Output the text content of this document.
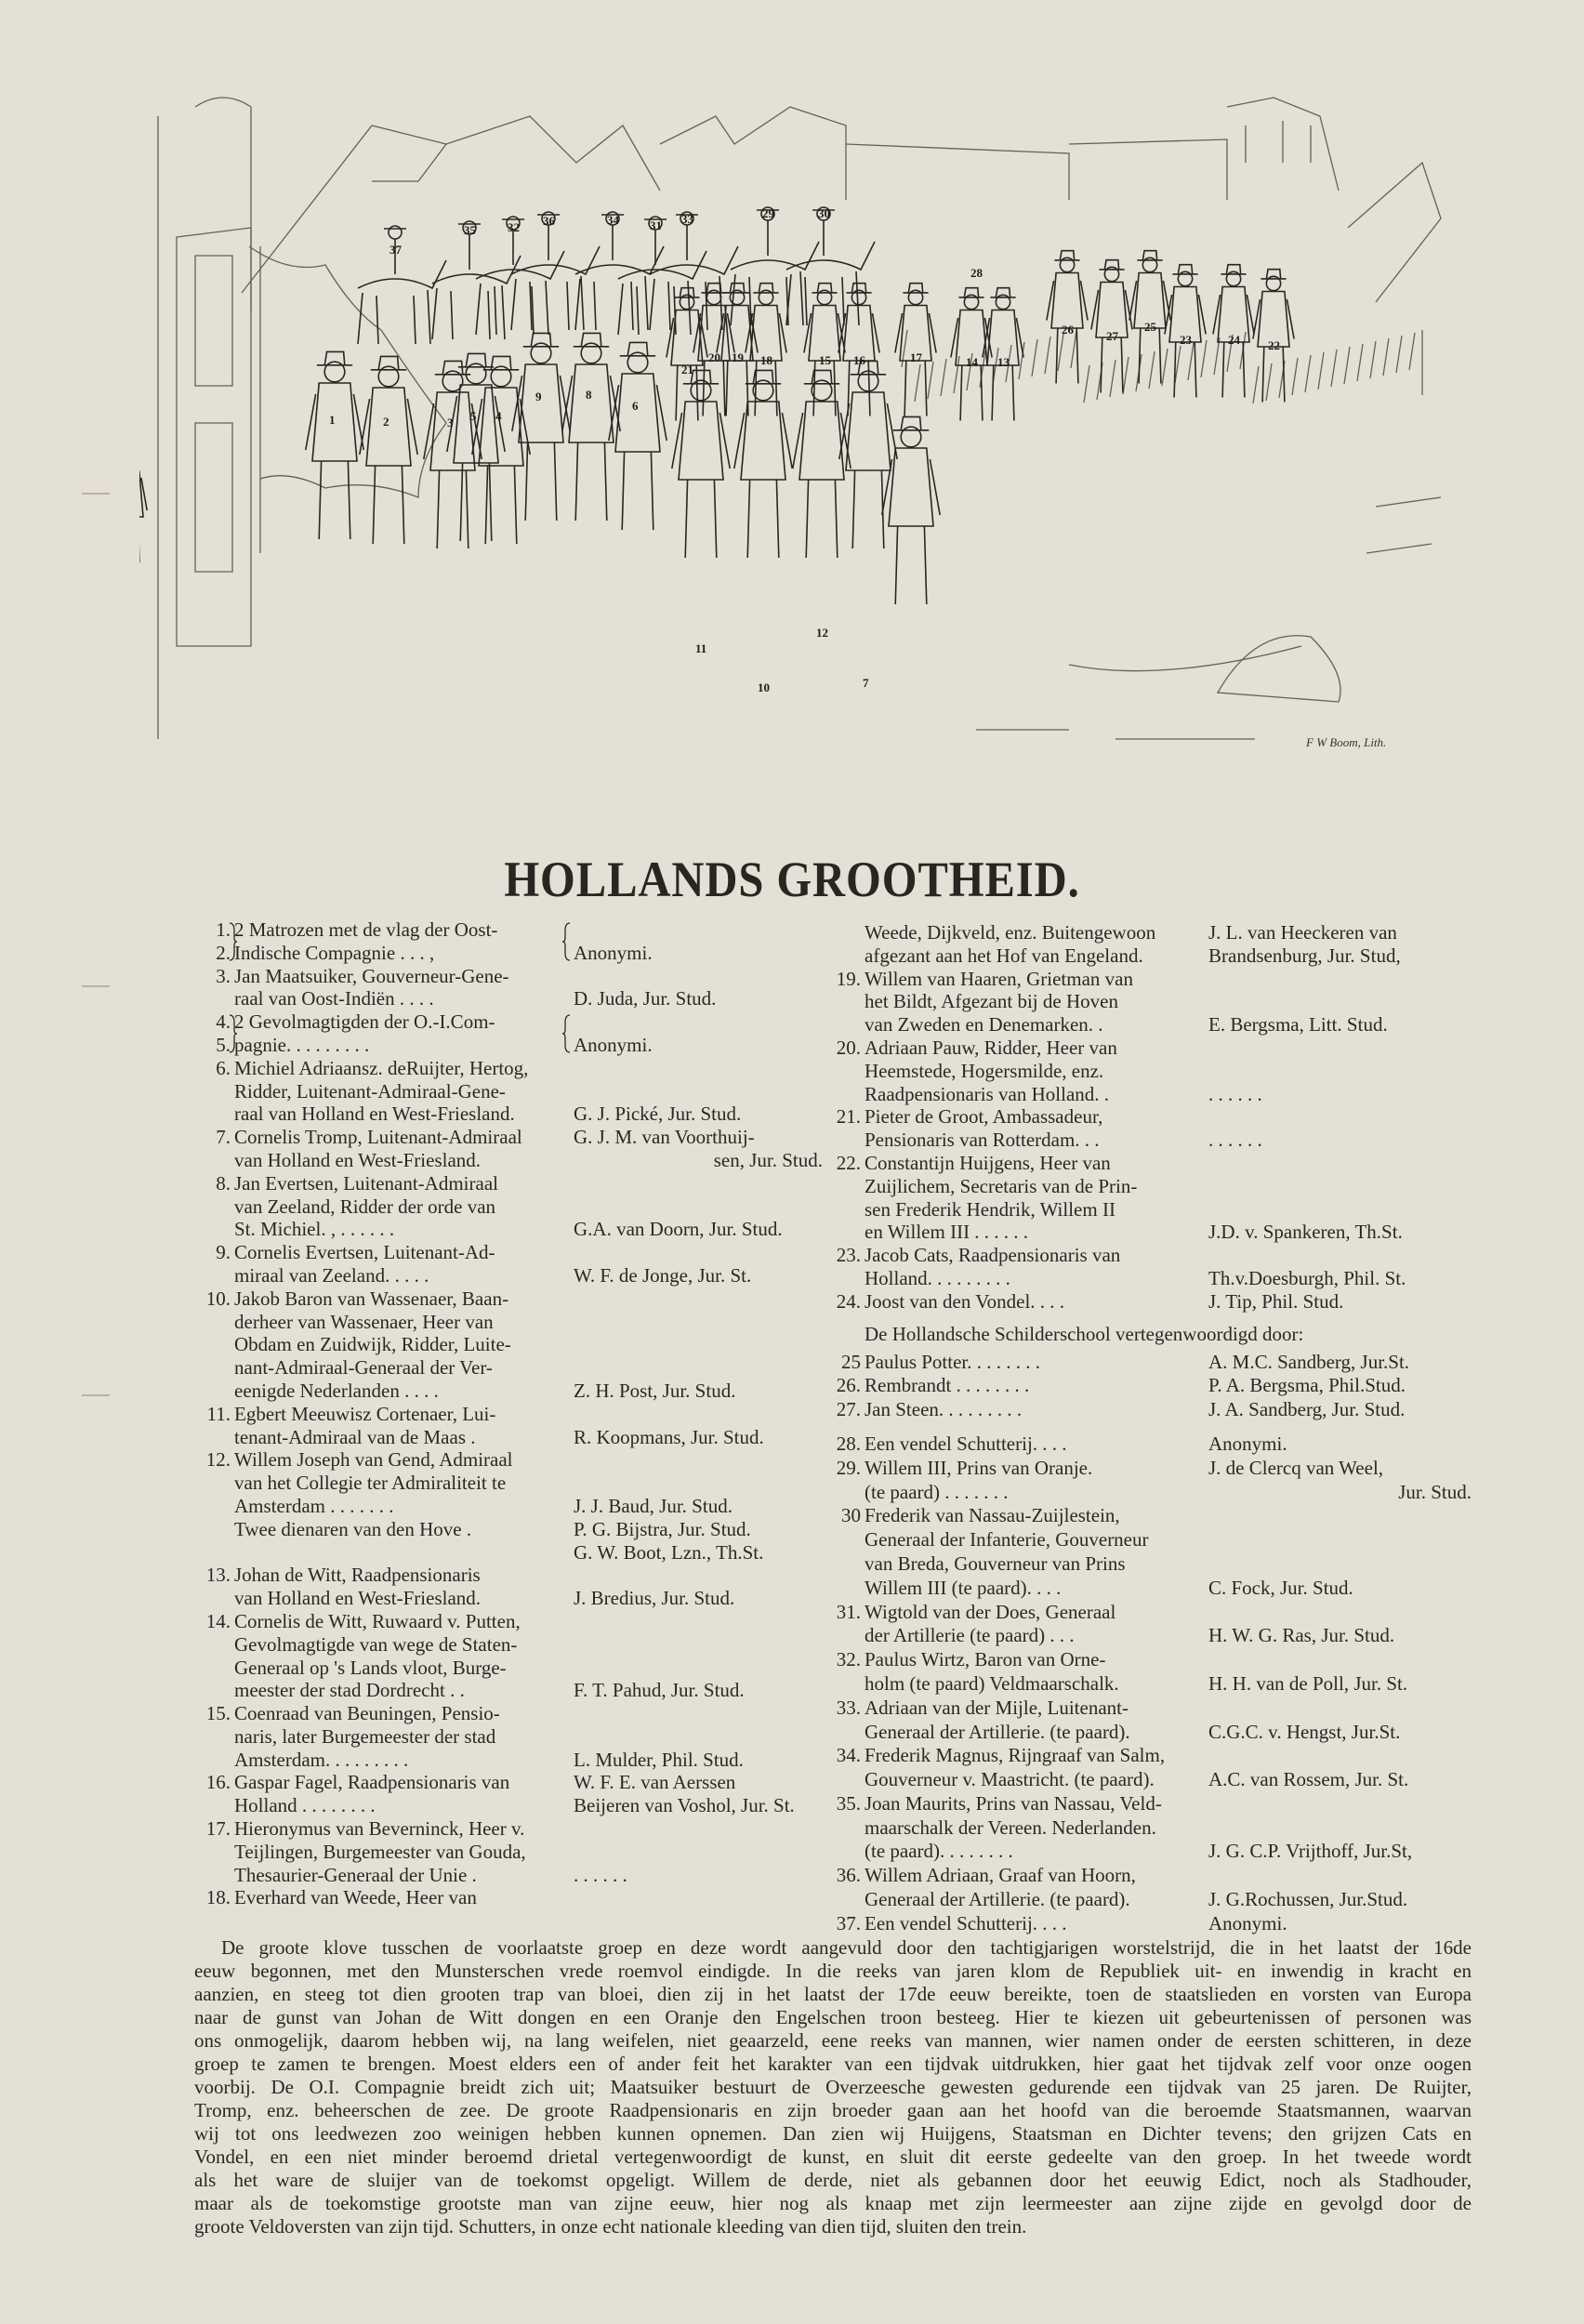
1	2	3	4
5
6
7
8
9
10
11
12
13
14
15 16	17
18
19
20
21
22
23	24
25
26	27
28
29	30
31
32
33
34
35
36
37
F W Boom, Lith.
HOLLANDS GROOTHEID.
1. 2 Matrozen met de vlag der Oost-
2. Indische Compagnie . . . ,	Anonymi.
3. Jan Maatsuiker, Gouverneur-Gene-
raal van Oost-Indiën . . . .	D. Juda, Jur. Stud.
4. 2 Gevolmagtigden der O.-I.Com-
5. pagnie. . . . . . . . .	Anonymi.
6. Michiel Adriaansz. deRuijter, Hertog,
Ridder, Luitenant-Admiraal-Gene-
raal van Holland en West-Friesland.	G. J. Pické, Jur. Stud.
7. Cornelis Tromp, Luitenant-Admiraal	G. J. M. van Voorthuij-
van Holland en West-Friesland.	sen, Jur. Stud.
8. Jan Evertsen, Luitenant-Admiraal
van Zeeland, Ridder der orde van
St. Michiel. , . . . . . .	G.A. van Doorn, Jur. Stud.
9. Cornelis Evertsen, Luitenant-Ad-
miraal van Zeeland. . . . .	W. F. de Jonge, Jur. St.
10. Jakob Baron van Wassenaer, Baan-
derheer van Wassenaer, Heer van
Obdam en Zuidwijk, Ridder, Luite-
nant-Admiraal-Generaal der Ver-
eenigde Nederlanden . . . .	Z. H. Post, Jur. Stud.
11. Egbert Meeuwisz Cortenaer, Lui-
tenant-Admiraal van de Maas .	R. Koopmans, Jur. Stud.
12. Willem Joseph van Gend, Admiraal
van het Collegie ter Admiraliteit te
Amsterdam . . . . . . .	J. J. Baud, Jur. Stud.
Twee dienaren van den Hove .	P. G. Bijstra, Jur. Stud.
G. W. Boot, Lzn., Th.St.
13. Johan de Witt, Raadpensionaris
van Holland en West-Friesland.	J. Bredius, Jur. Stud.
14. Cornelis de Witt, Ruwaard v. Putten,
Gevolmagtigde van wege de Staten-
Generaal op 's Lands vloot, Burge-
meester der stad Dordrecht . .	F. T. Pahud, Jur. Stud.
15. Coenraad van Beuningen, Pensio-
naris, later Burgemeester der stad
Amsterdam. . . . . . . . .	L. Mulder, Phil. Stud.
16. Gaspar Fagel, Raadpensionaris van	W. F. E. van Aerssen
Holland . . . . . . . .	Beijeren van Voshol, Jur. St.
17. Hieronymus van Beverninck, Heer v.
Teijlingen, Burgemeester van Gouda,
Thesaurier-Generaal der Unie .	. . . . . .
18. Everhard van Weede, Heer van
Weede, Dijkveld, enz. Buitengewoon	J. L. van Heeckeren van
afgezant aan het Hof van Engeland.	Brandsenburg, Jur. Stud,
19. Willem van Haaren, Grietman van
het Bildt, Afgezant bij de Hoven
van Zweden en Denemarken. .	E. Bergsma, Litt. Stud.
20. Adriaan Pauw, Ridder, Heer van
Heemstede, Hogersmilde, enz.
Raadpensionaris van Holland. .	. . . . . .
21. Pieter de Groot, Ambassadeur,
Pensionaris van Rotterdam. . .	. . . . . .
22. Constantijn Huijgens, Heer van
Zuijlichem, Secretaris van de Prin-
sen Frederik Hendrik, Willem II
en Willem III . . . . . .	J.D. v. Spankeren, Th.St.
23. Jacob Cats, Raadpensionaris van
Holland. . . . . . . . .	Th.v.Doesburgh, Phil. St.
24. Joost van den Vondel. . . .	J. Tip, Phil. Stud.
De Hollandsche Schilderschool vertegenwoordigd door:
25 Paulus Potter. . . . . . . .	A. M.C. Sandberg, Jur.St.
26. Rembrandt . . . . . . . .	P. A. Bergsma, Phil.Stud.
27. Jan Steen. . . . . . . . .	J. A. Sandberg, Jur. Stud.
28. Een vendel Schutterij. . . .	Anonymi.
29. Willem III, Prins van Oranje.	J. de Clercq van Weel,
(te paard) . . . . . . .	Jur. Stud.
30 Frederik van Nassau-Zuijlestein,
Generaal der Infanterie, Gouverneur
van Breda, Gouverneur van Prins
Willem III (te paard). . . .	C. Fock, Jur. Stud.
31. Wigtold van der Does, Generaal
der Artillerie (te paard) . . .	H. W. G. Ras, Jur. Stud.
32. Paulus Wirtz, Baron van Orne-
holm (te paard) Veldmaarschalk.	H. H. van de Poll, Jur. St.
33. Adriaan van der Mijle, Luitenant-
Generaal der Artillerie. (te paard).	C.G.C. v. Hengst, Jur.St.
34. Frederik Magnus, Rijngraaf van Salm,
Gouverneur v. Maastricht. (te paard).	A.C. van Rossem, Jur. St.
35. Joan Maurits, Prins van Nassau, Veld-
maarschalk der Vereen. Nederlanden.
(te paard). . . . . . . .	J. G. C.P. Vrijthoff, Jur.St,
36. Willem Adriaan, Graaf van Hoorn,
Generaal der Artillerie. (te paard).	J. G.Rochussen, Jur.Stud.
37. Een vendel Schutterij. . . .	Anonymi.
De groote klove tusschen de voorlaatste groep en deze wordt aangevuld door den tachtigjarigen worstelstrijd, die in het laatst der 16de
eeuw begonnen, met den Munsterschen vrede roemvol eindigde. In die reeks van jaren klom de Republiek uit- en inwendig in kracht en
aanzien, en steeg tot dien grooten trap van bloei, dien zij in het laatst der 17de eeuw bereikte, toen de staatslieden en vorsten van Europa
naar de gunst van Johan de Witt dongen en een Oranje den Engelschen troon besteeg. Hier te kiezen uit gebeurtenissen of personen was
ons onmogelijk, daarom hebben wij, na lang weifelen, niet geaarzeld, eene reeks van mannen, wier namen onder de eersten schitteren, in deze
groep te zamen te brengen. Moest elders een of ander feit het karakter van een tijdvak uitdrukken, hier gaat het tijdvak zelf voor onze oogen
voorbij. De O.I. Compagnie breidt zich uit; Maatsuiker bestuurt de Overzeesche gewesten gedurende een tijdvak van 25 jaren. De Ruijter,
Tromp, enz. beheerschen de zee. De groote Raadpensionaris en zijn broeder gaan aan het hoofd van die beroemde Staatsmannen, waarvan
wij tot ons leedwezen zoo weinigen hebben kunnen opnemen. Dan zien wij Huijgens, Staatsman en Dichter tevens; den grijzen Cats en
Vondel, en een niet minder beroemd drietal vertegenwoordigt de kunst, en sluit dit eerste gedeelte van den groep. In het tweede wordt
als het ware de sluijer van de toekomst opgeligt. Willem de derde, niet als gebannen door het eeuwig Edict, noch als Stadhouder,
maar als de toekomstige grootste man van zijne eeuw, hier nog als knaap met zijn leermeester aan zijne zijde en gevolgd door de
groote Veldoversten van zijn tijd. Schutters, in onze echt nationale kleeding van dien tijd, sluiten den trein.
